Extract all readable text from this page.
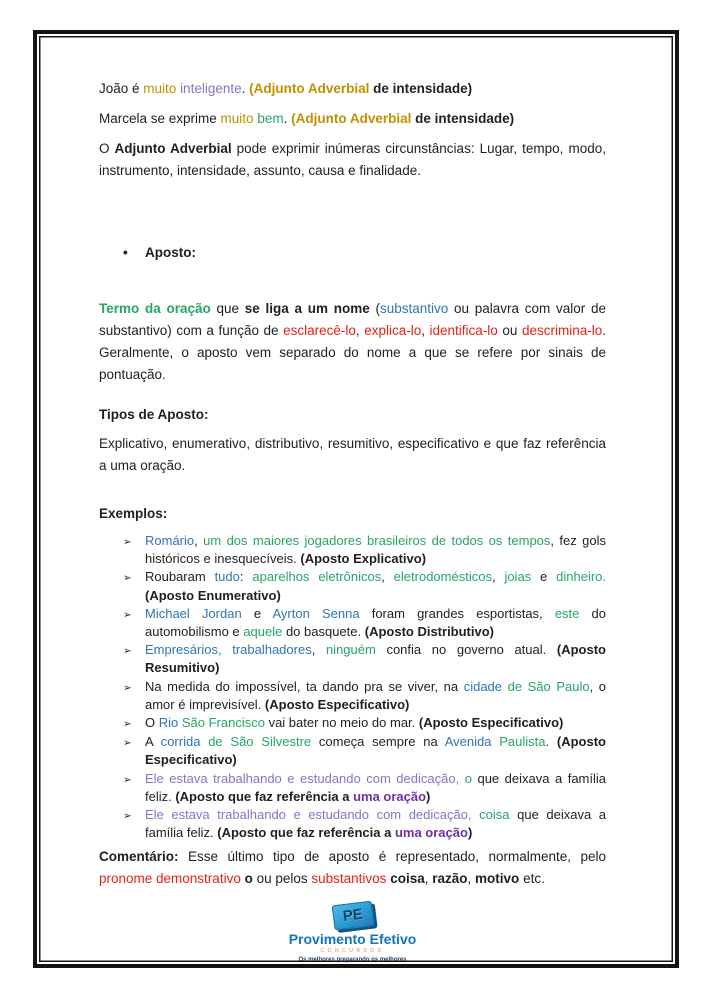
João é muito inteligente. (Adjunto Adverbial de intensidade)

Marcela se exprime muito bem. (Adjunto Adverbial de intensidade)

O Adjunto Adverbial pode exprimir inúmeras circunstâncias: Lugar, tempo, modo, instrumento, intensidade, assunto, causa e finalidade.

• Aposto:

Termo da oração que se liga a um nome (substantivo ou palavra com valor de substantivo) com a função de esclarecê-lo, explica-lo, identifica-lo ou descrimina-lo. Geralmente, o aposto vem separado do nome a que se refere por sinais de pontuação.

Tipos de Aposto:

Explicativo, enumerativo, distributivo, resumitivo, especificativo e que faz referência a uma oração.

Exemplos:
➢	Romário, um dos maiores jogadores brasileiros de todos os tempos, fez gols históricos e inesquecíveis. (Aposto Explicativo)
➢	Roubaram tudo: aparelhos eletrônicos, eletrodomésticos, joias e dinheiro. (Aposto Enumerativo)
➢	Michael Jordan e Ayrton Senna foram grandes esportistas, este do automobilismo e aquele do basquete. (Aposto Distributivo)
➢	Empresários, trabalhadores, ninguém confia no governo atual. (Aposto Resumitivo)
➢	Na medida do impossível, ta dando pra se viver, na cidade de São Paulo, o amor é imprevisível. (Aposto Especificativo)
➢	O Rio São Francisco vai bater no meio do mar. (Aposto Especificativo)
➢	A corrida de São Silvestre começa sempre na Avenida Paulista. (Aposto Especificativo)
➢	Ele estava trabalhando e estudando com dedicação, o que deixava a família feliz. (Aposto que faz referência a uma oração)
➢	Ele estava trabalhando e estudando com dedicação, coisa que deixava a família feliz. (Aposto que faz referência a uma oração)

Comentário: Esse último tipo de aposto é representado, normalmente, pelo pronome demonstrativo o ou pelos substantivos coisa, razão, motivo etc.

PE
Provimento Efetivo
CONCURSOS
Os melhores preparando os melhores
